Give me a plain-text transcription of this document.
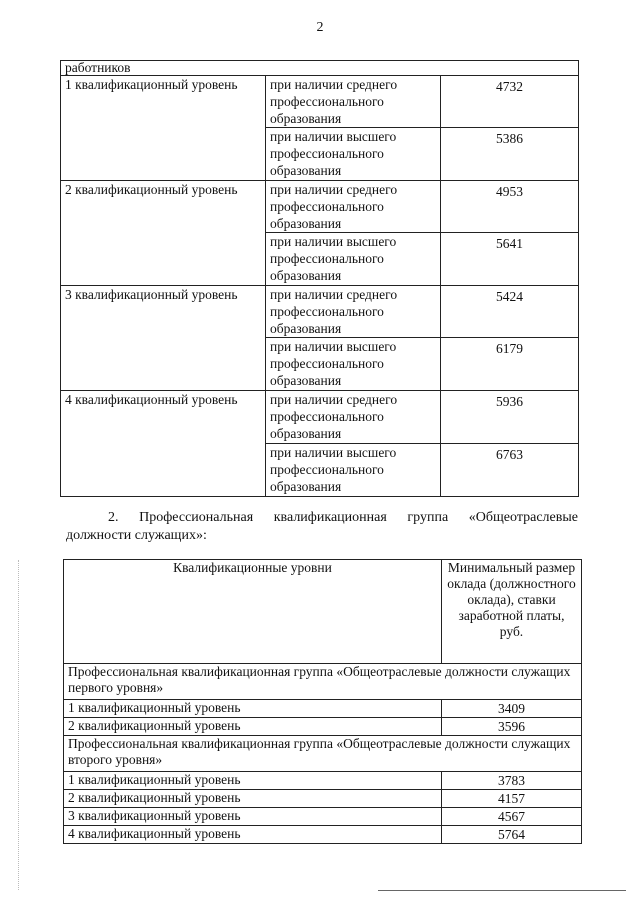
2
работников		
1 квалификационный уровень	при наличии среднего профессионального образования	4732
	при наличии высшего профессионального образования	5386
2 квалификационный уровень	при наличии среднего профессионального образования	4953
	при наличии высшего профессионального образования	5641
3 квалификационный уровень	при наличии среднего профессионального образования	5424
	при наличии высшего профессионального образования	6179
4 квалификационный уровень	при наличии среднего профессионального образования	5936
	при наличии высшего профессионального образования	6763
2. Профессиональная квалификационная группа «Общеотраслевые должности служащих»:
Квалификационные уровни	Минимальный размер оклада (должностного оклада), ставки заработной платы, руб.
Профессиональная квалификационная группа «Общеотраслевые должности служащих первого уровня»	
1 квалификационный уровень	3409
2 квалификационный уровень	3596
Профессиональная квалификационная группа «Общеотраслевые должности служащих второго уровня»	
1 квалификационный уровень	3783
2 квалификационный уровень	4157
3 квалификационный уровень	4567
4 квалификационный уровень	5764
